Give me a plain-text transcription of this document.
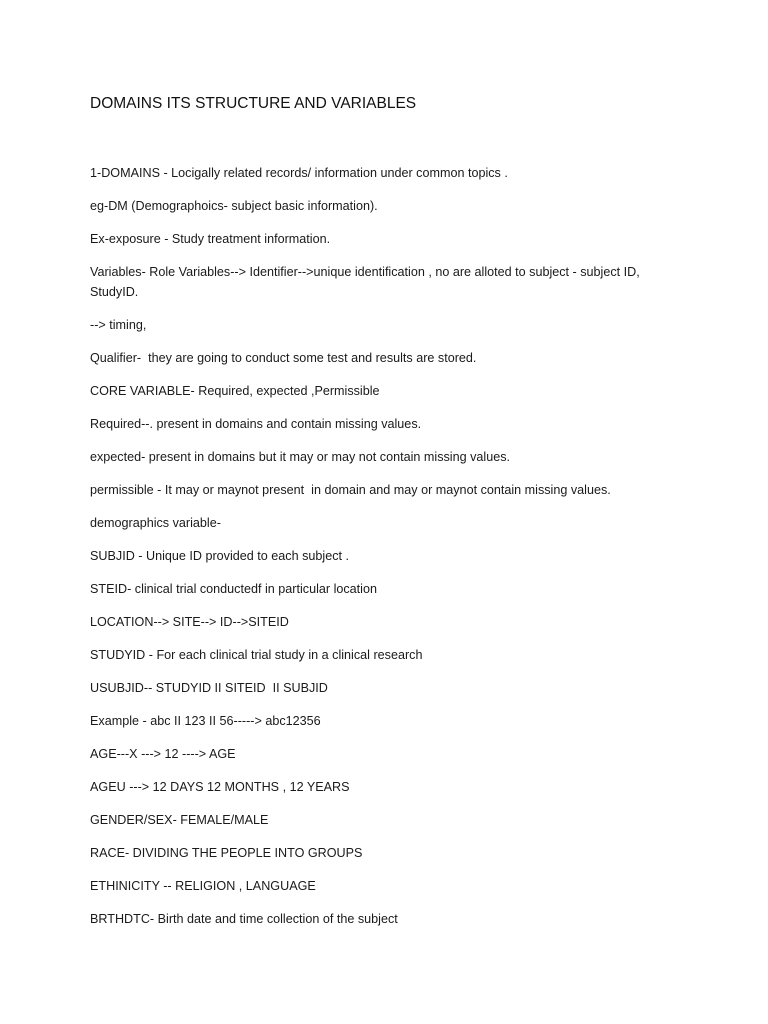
DOMAINS ITS STRUCTURE AND VARIABLES

1-DOMAINS - Locigally related records/ information under common topics .

eg-DM (Demographoics- subject basic information).

Ex-exposure - Study treatment information.

Variables- Role Variables--> Identifier-->unique identification , no are alloted to subject - subject ID, StudyID.

--> timing,

Qualifier-  they are going to conduct some test and results are stored.

CORE VARIABLE- Required, expected ,Permissible

Required--. present in domains and contain missing values.

expected- present in domains but it may or may not contain missing values.

permissible - It may or maynot present  in domain and may or maynot contain missing values.

demographics variable-

SUBJID - Unique ID provided to each subject .

STEID- clinical trial conductedf in particular location

LOCATION--> SITE--> ID-->SITEID

STUDYID - For each clinical trial study in a clinical research

USUBJID-- STUDYID II SITEID  II SUBJID

Example - abc II 123 II 56-----> abc12356

AGE---X ---> 12 ----> AGE

AGEU ---> 12 DAYS 12 MONTHS , 12 YEARS

GENDER/SEX- FEMALE/MALE

RACE- DIVIDING THE PEOPLE INTO GROUPS

ETHINICITY -- RELIGION , LANGUAGE

BRTHDTC- Birth date and time collection of the subject
